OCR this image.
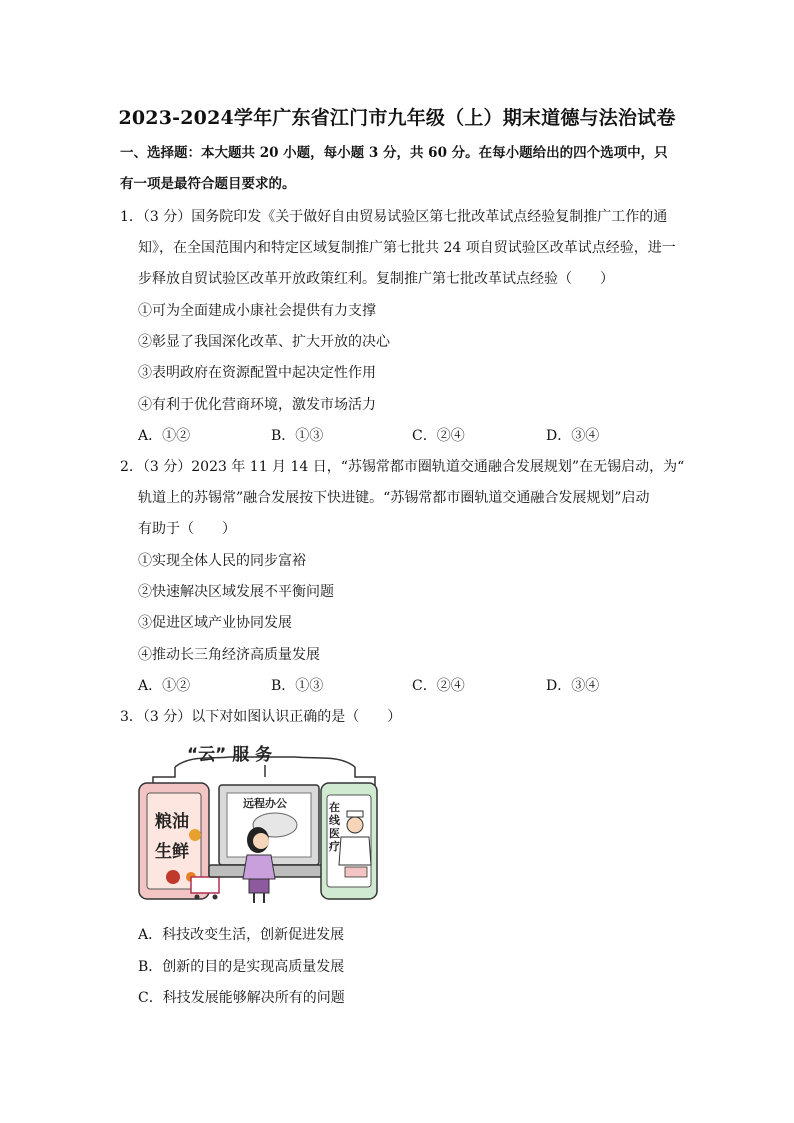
2023-2024学年广东省江门市九年级（上）期末道德与法治试卷
一、选择题：本大题共 20 小题，每小题 3 分，共 60 分。在每小题给出的四个选项中，只
有一项是最符合题目要求的。
1．（3 分）国务院印发《关于做好自由贸易试验区第七批改革试点经验复制推广工作的通
知》，在全国范围内和特定区域复制推广第七批共 24 项自贸试验区改革试点经验，进一
步释放自贸试验区改革开放政策红利。复制推广第七批改革试点经验（　　）
①可为全面建成小康社会提供有力支撑
②彰显了我国深化改革、扩大开放的决心
③表明政府在资源配置中起决定性作用
④有利于优化营商环境，激发市场活力
A．①②	B．①③	C．②④	D．③④
2．（3 分）2023 年 11 月 14 日，“苏锡常都市圈轨道交通融合发展规划”在无锡启动，为“
轨道上的苏锡常”融合发展按下快进键。“苏锡常都市圈轨道交通融合发展规划”启动
有助于（　　）
①实现全体人民的同步富裕
②快速解决区域发展不平衡问题
③促进区域产业协同发展
④推动长三角经济高质量发展
A．①②	B．①③	C．②④	D．③④
3．（3 分）以下对如图认识正确的是（　　）
“云” 服 务
粮油
生鲜
远程办公	在
线
医
疗
A．科技改变生活，创新促进发展
B．创新的目的是实现高质量发展
C．科技发展能够解决所有的问题
